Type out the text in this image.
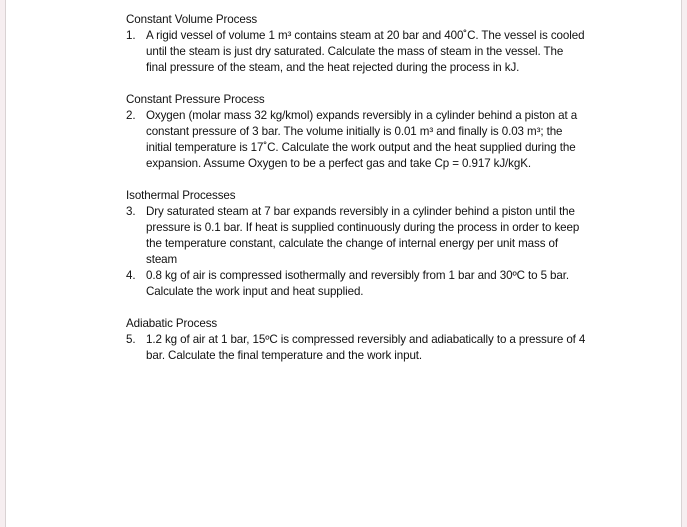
Constant Volume Process
1. A rigid vessel of volume 1 m³ contains steam at 20 bar and 400˚C. The vessel is cooled until the steam is just dry saturated. Calculate the mass of steam in the vessel. The final pressure of the steam, and the heat rejected during the process in kJ.
Constant Pressure Process
2. Oxygen (molar mass 32 kg/kmol) expands reversibly in a cylinder behind a piston at a constant pressure of 3 bar. The volume initially is 0.01 m³ and finally is 0.03 m³; the initial temperature is 17˚C. Calculate the work output and the heat supplied during the expansion. Assume Oxygen to be a perfect gas and take Cp = 0.917 kJ/kgK.
Isothermal Processes
3. Dry saturated steam at 7 bar expands reversibly in a cylinder behind a piston until the pressure is 0.1 bar. If heat is supplied continuously during the process in order to keep the temperature constant, calculate the change of internal energy per unit mass of steam
4. 0.8 kg of air is compressed isothermally and reversibly from 1 bar and 30ºC to 5 bar. Calculate the work input and heat supplied.
Adiabatic Process
5. 1.2 kg of air at 1 bar, 15ºC is compressed reversibly and adiabatically to a pressure of 4 bar. Calculate the final temperature and the work input.
